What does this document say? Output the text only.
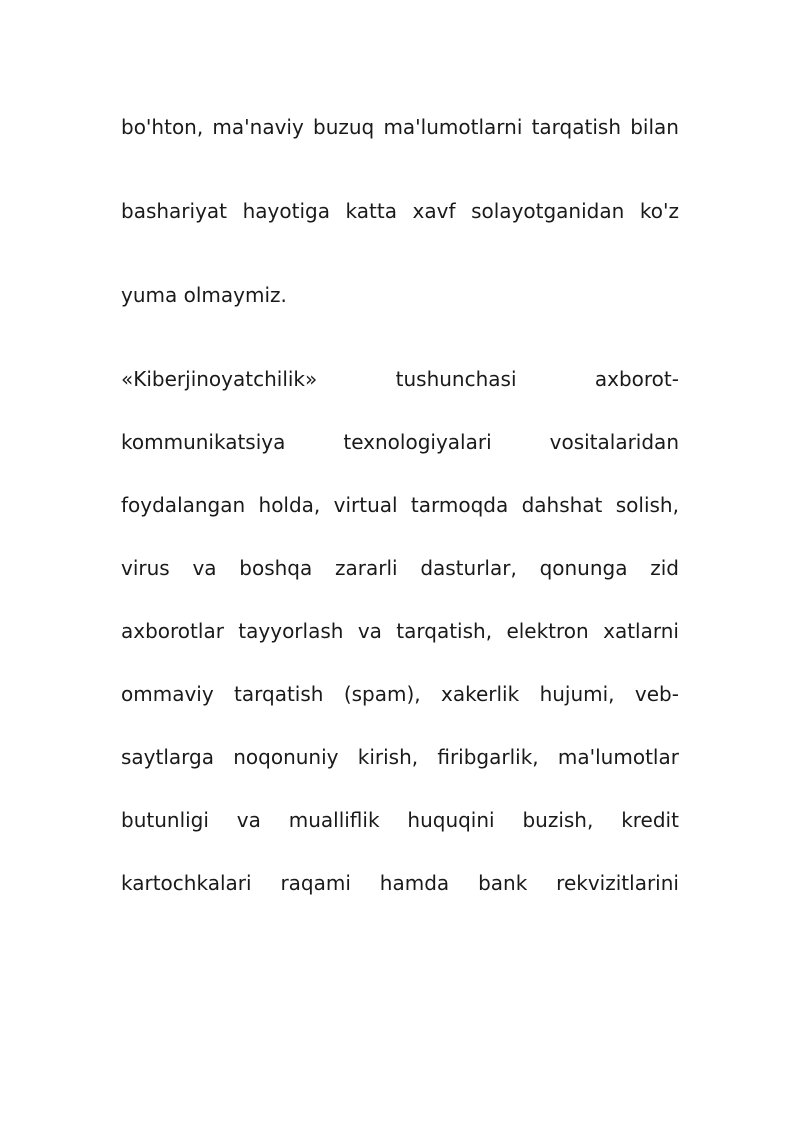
bo'hton, ma'naviy buzuq ma'lumotlarni tarqatish bilan
bashariyat hayotiga katta xavf solayotganidan ko'z
yuma olmaymiz.
«Kiberjinoyatchilik»	tushunchasi	axborot-
kommunikatsiya	texnologiyalari	vositalaridan
foydalangan holda, virtual tarmoqda dahshat solish,
virus va boshqa zararli dasturlar, qonunga zid
axborotlar tayyorlash va tarqatish, elektron xatlarni
ommaviy tarqatish (spam), xakerlik hujumi, veb-
saytlarga noqonuniy kirish, firibgarlik, ma'lumotlar
butunligi va mualliflik huquqini buzish, kredit
kartochkalari raqami hamda bank rekvizitlarini
